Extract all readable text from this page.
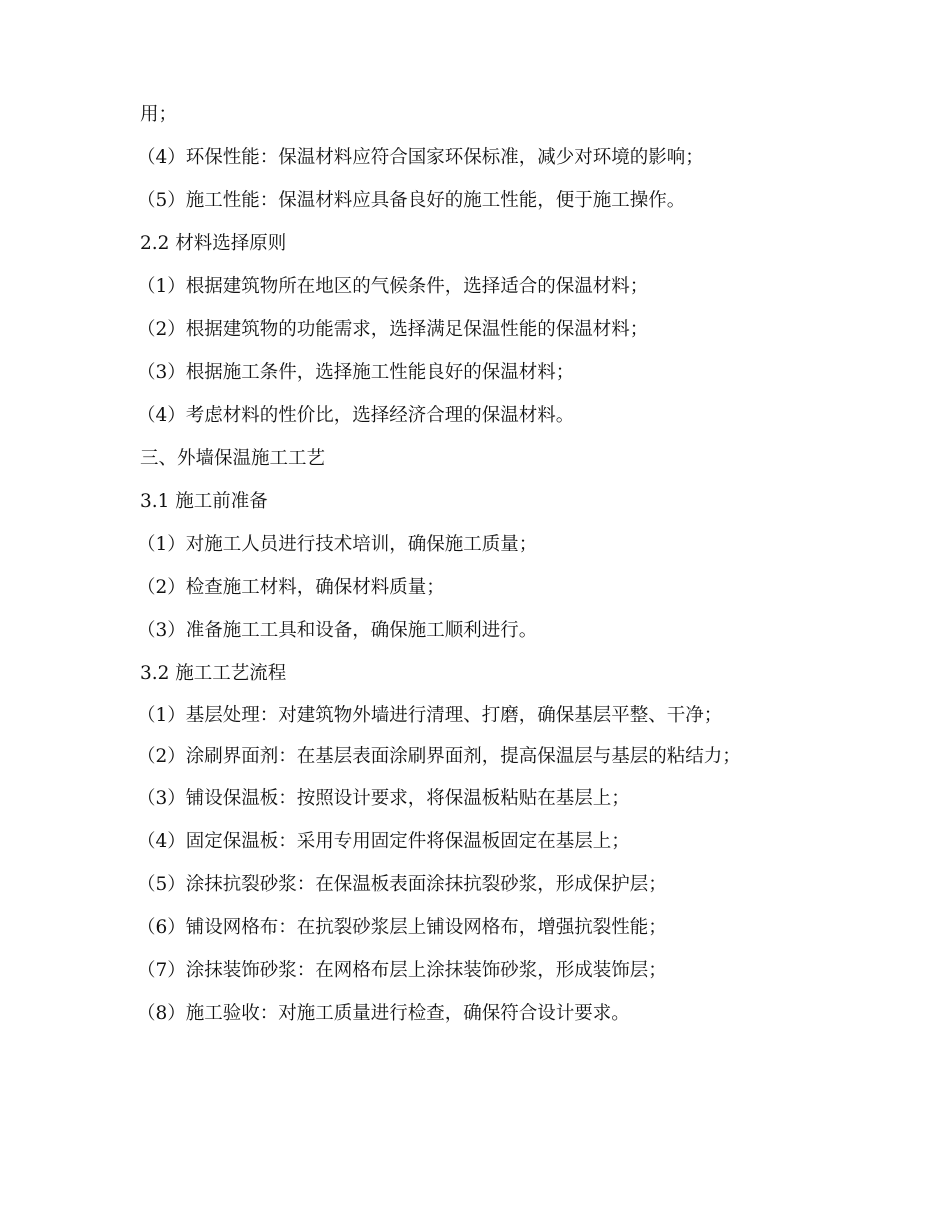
用；

（4）环保性能：保温材料应符合国家环保标准，减少对环境的影响；

（5）施工性能：保温材料应具备良好的施工性能，便于施工操作。

2.2 材料选择原则

（1）根据建筑物所在地区的气候条件，选择适合的保温材料；

（2）根据建筑物的功能需求，选择满足保温性能的保温材料；

（3）根据施工条件，选择施工性能良好的保温材料；

（4）考虑材料的性价比，选择经济合理的保温材料。

三、外墙保温施工工艺

3.1 施工前准备

（1）对施工人员进行技术培训，确保施工质量；

（2）检查施工材料，确保材料质量；

（3）准备施工工具和设备，确保施工顺利进行。

3.2 施工工艺流程

（1）基层处理：对建筑物外墙进行清理、打磨，确保基层平整、干净；

（2）涂刷界面剂：在基层表面涂刷界面剂，提高保温层与基层的粘结力；

（3）铺设保温板：按照设计要求，将保温板粘贴在基层上；

（4）固定保温板：采用专用固定件将保温板固定在基层上；

（5）涂抹抗裂砂浆：在保温板表面涂抹抗裂砂浆，形成保护层；

（6）铺设网格布：在抗裂砂浆层上铺设网格布，增强抗裂性能；

（7）涂抹装饰砂浆：在网格布层上涂抹装饰砂浆，形成装饰层；

（8）施工验收：对施工质量进行检查，确保符合设计要求。
